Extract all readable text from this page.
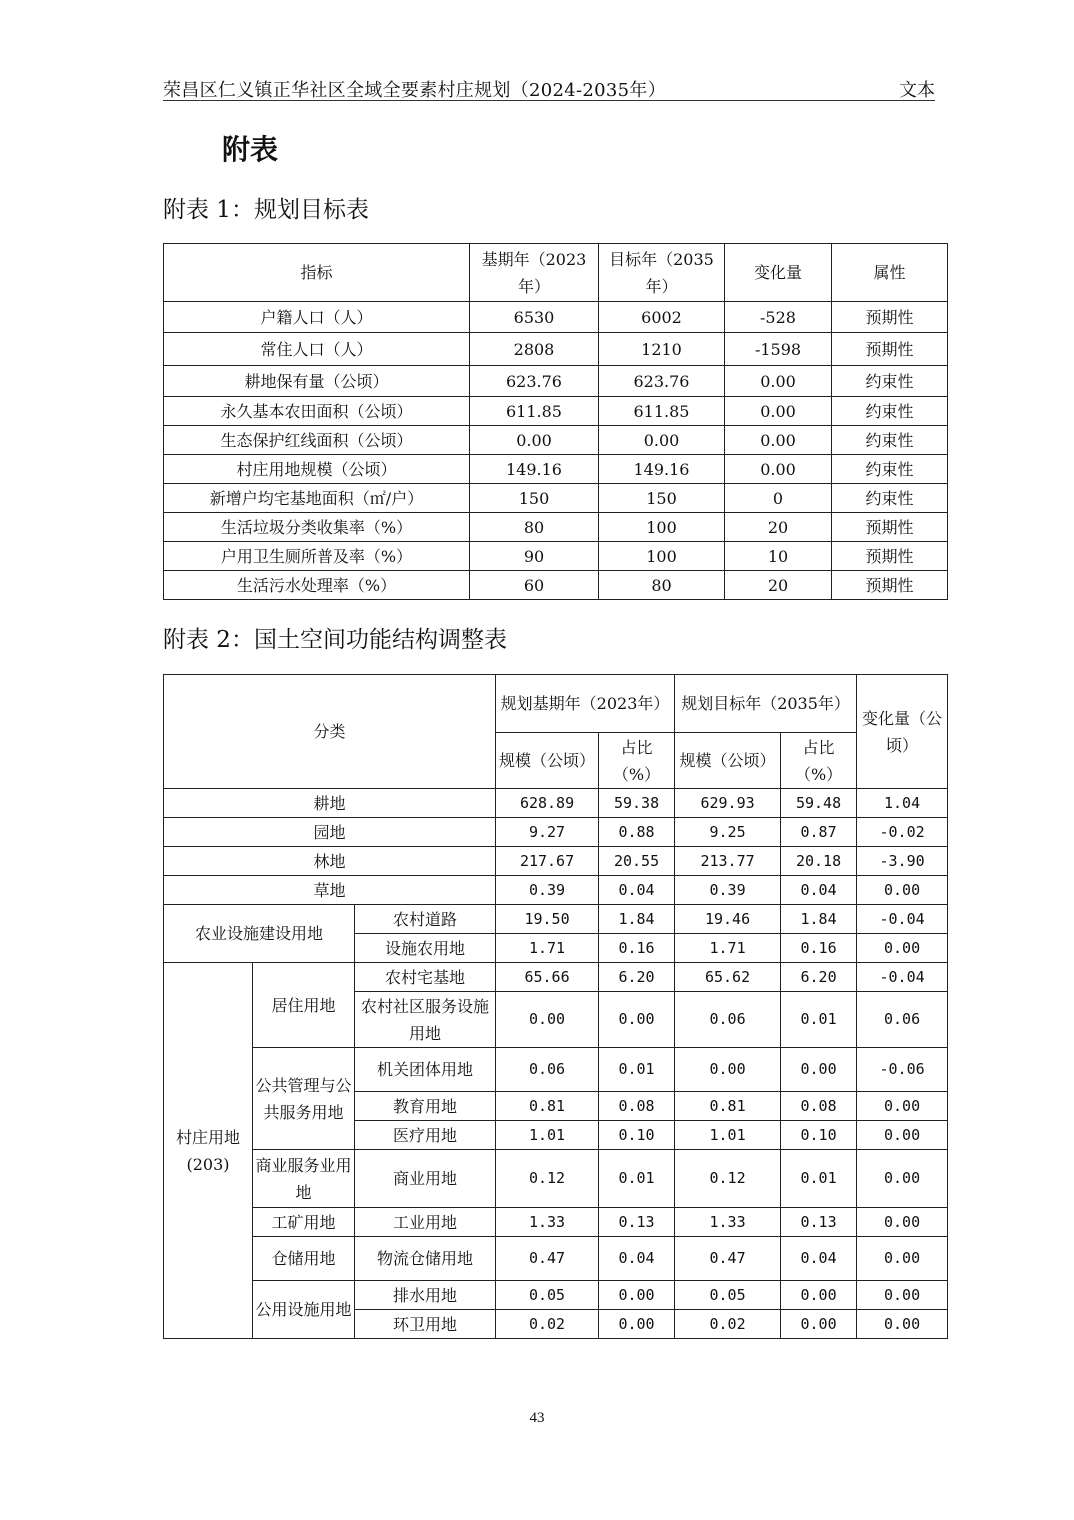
荣昌区仁义镇正华社区全域全要素村庄规划（2024-2035年）	文本
附表
附表 1：规划目标表
指标	基期年（2023年）	目标年（2035年）	变化量	属性
户籍人口（人）	6530	6002	-528	预期性
常住人口（人）	2808	1210	-1598	预期性
耕地保有量（公顷）	623.76	623.76	0.00	约束性
永久基本农田面积（公顷）	611.85	611.85	0.00	约束性
生态保护红线面积（公顷）	0.00	0.00	0.00	约束性
村庄用地规模（公顷）	149.16	149.16	0.00	约束性
新增户均宅基地面积（㎡/户）	150	150	0	约束性
生活垃圾分类收集率（%）	80	100	20	预期性
户用卫生厕所普及率（%）	90	100	10	预期性
生活污水处理率（%）	60	80	20	预期性
附表 2：国土空间功能结构调整表
分类			规划基期年（2023年）		规划目标年（2035年）		变化量（公顷）
			规模（公顷）	占比（%）	规模（公顷）	占比（%）	
耕地			628.89	59.38	629.93	59.48	1.04
园地			9.27	0.88	9.25	0.87	-0.02
林地			217.67	20.55	213.77	20.18	-3.90
草地			0.39	0.04	0.39	0.04	0.00
农业设施建设用地		农村道路	19.50	1.84	19.46	1.84	-0.04
		设施农用地	1.71	0.16	1.71	0.16	0.00
村庄用地(203)	居住用地	农村宅基地	65.66	6.20	65.62	6.20	-0.04
		农村社区服务设施用地	0.00	0.00	0.06	0.01	0.06
	公共管理与公共服务用地	机关团体用地	0.06	0.01	0.00	0.00	-0.06
		教育用地	0.81	0.08	0.81	0.08	0.00
		医疗用地	1.01	0.10	1.01	0.10	0.00
	商业服务业用地	商业用地	0.12	0.01	0.12	0.01	0.00
	工矿用地	工业用地	1.33	0.13	1.33	0.13	0.00
	仓储用地	物流仓储用地	0.47	0.04	0.47	0.04	0.00
	公用设施用地	排水用地	0.05	0.00	0.05	0.00	0.00
		环卫用地	0.02	0.00	0.02	0.00	0.00
43
